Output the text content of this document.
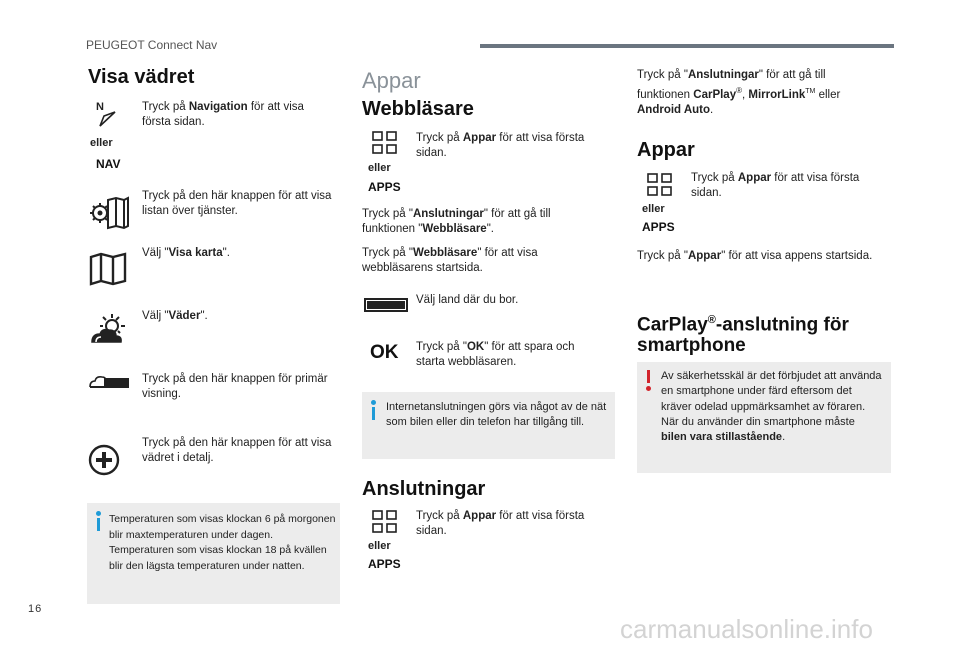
PEUGEOT Connect Nav
Visa vädret
N
eller
NAV
Tryck på Navigation för att visa första sidan.
Tryck på den här knappen för att visa listan över tjänster.
Välj "Visa karta".
Välj "Väder".
Tryck på den här knappen för primär visning.
Tryck på den här knappen för att visa vädret i detalj.
Temperaturen som visas klockan 6 på morgonen blir maxtemperaturen under dagen. Temperaturen som visas klockan 18 på kvällen blir den lägsta temperaturen under natten.
Appar
Webbläsare
eller
APPS
Tryck på Appar för att visa första sidan.
Tryck på "Anslutningar" för att gå till funktionen "Webbläsare".
Tryck på "Webbläsare" för att visa webbläsarens startsida.
Välj land där du bor.
OK Tryck på "OK" för att spara och starta webbläsaren.
Internetanslutningen görs via något av de nät som bilen eller din telefon har tillgång till.
Anslutningar
eller
APPS
Tryck på Appar för att visa första sidan.
Tryck på "Anslutningar" för att gå till funktionen CarPlay®, MirrorLink™ eller Android Auto.
Appar
eller
APPS
Tryck på Appar för att visa första sidan.
Tryck på "Appar" för att visa appens startsida.
CarPlay®-anslutning för
smartphone
Av säkerhetsskäl är det förbjudet att använda en smartphone under färd eftersom det kräver odelad uppmärksamhet av föraren. När du använder din smartphone måste bilen vara stillastående.
16
carmanualsonline.info
